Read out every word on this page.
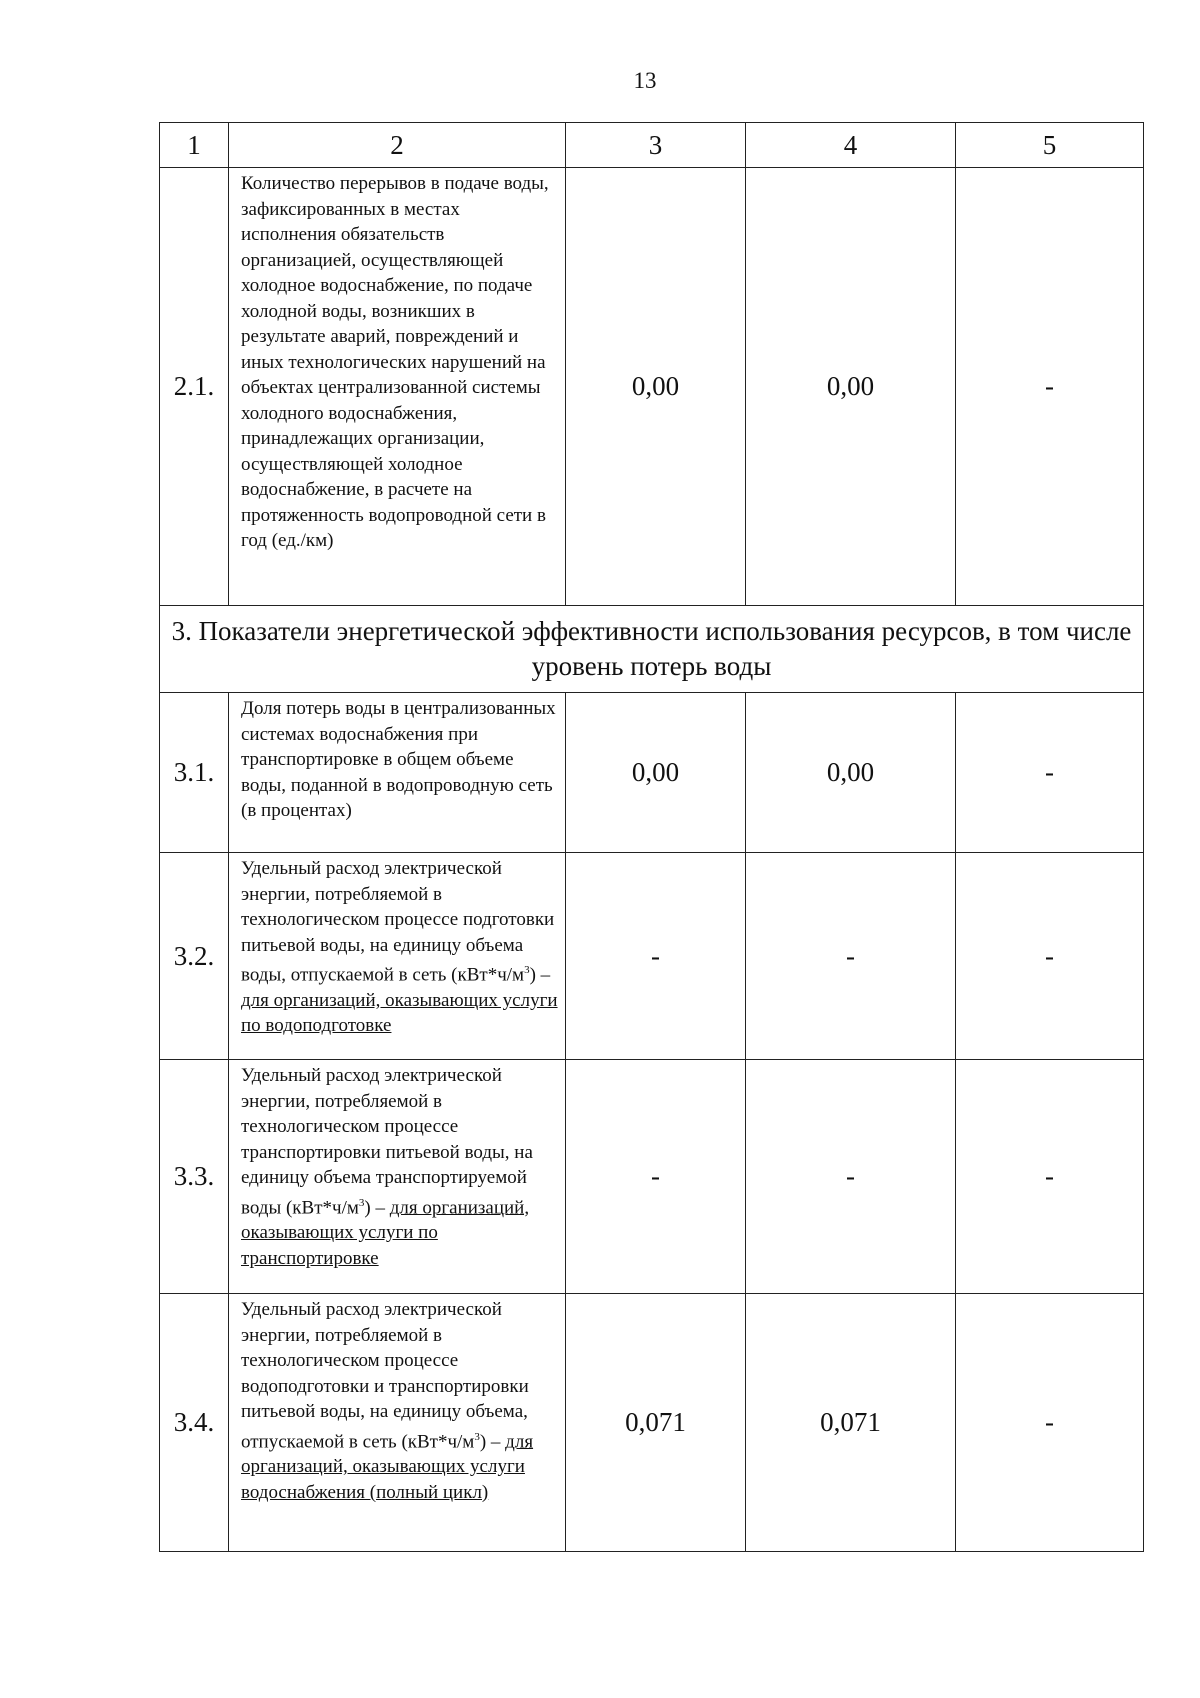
13
1	2	3	4	5
2.1.	Количество перерывов в подаче воды, зафиксированных в местах исполнения обязательств организацией, осуществляющей холодное водоснабжение, по подаче холодной воды, возникших в результате аварий, повреждений и иных технологических нарушений на объектах централизованной системы холодного водоснабжения, принадлежащих организации, осуществляющей холодное водоснабжение, в расчете на протяженность водопроводной сети в год (ед./км)	0,00	0,00	-
3. Показатели энергетической эффективности использования ресурсов, в том числе уровень потерь воды				
3.1.	Доля потерь воды в централизованных системах водоснабжения при транспортировке в общем объеме воды, поданной в водопроводную сеть (в процентах)	0,00	0,00	-
3.2.	Удельный расход электрической энергии, потребляемой в технологическом процессе подготовки питьевой воды, на единицу объема воды, отпускаемой в сеть $(кВт*ч/м^3)$ – для организаций, оказывающих услуги по водоподготовке	-	-	-
3.3.	Удельный расход электрической энергии, потребляемой в технологическом процессе транспортировки питьевой воды, на единицу объема транспортируемой воды $(кВт*ч/м^3)$ – для организаций, оказывающих услуги по транспортировке	-	-	-
3.4.	Удельный расход электрической энергии, потребляемой в технологическом процессе водоподготовки и транспортировки питьевой воды, на единицу объема, отпускаемой в сеть $(кВт*ч/м^3)$ – для организаций, оказывающих услуги водоснабжения (полный цикл)	0,071	0,071	-
